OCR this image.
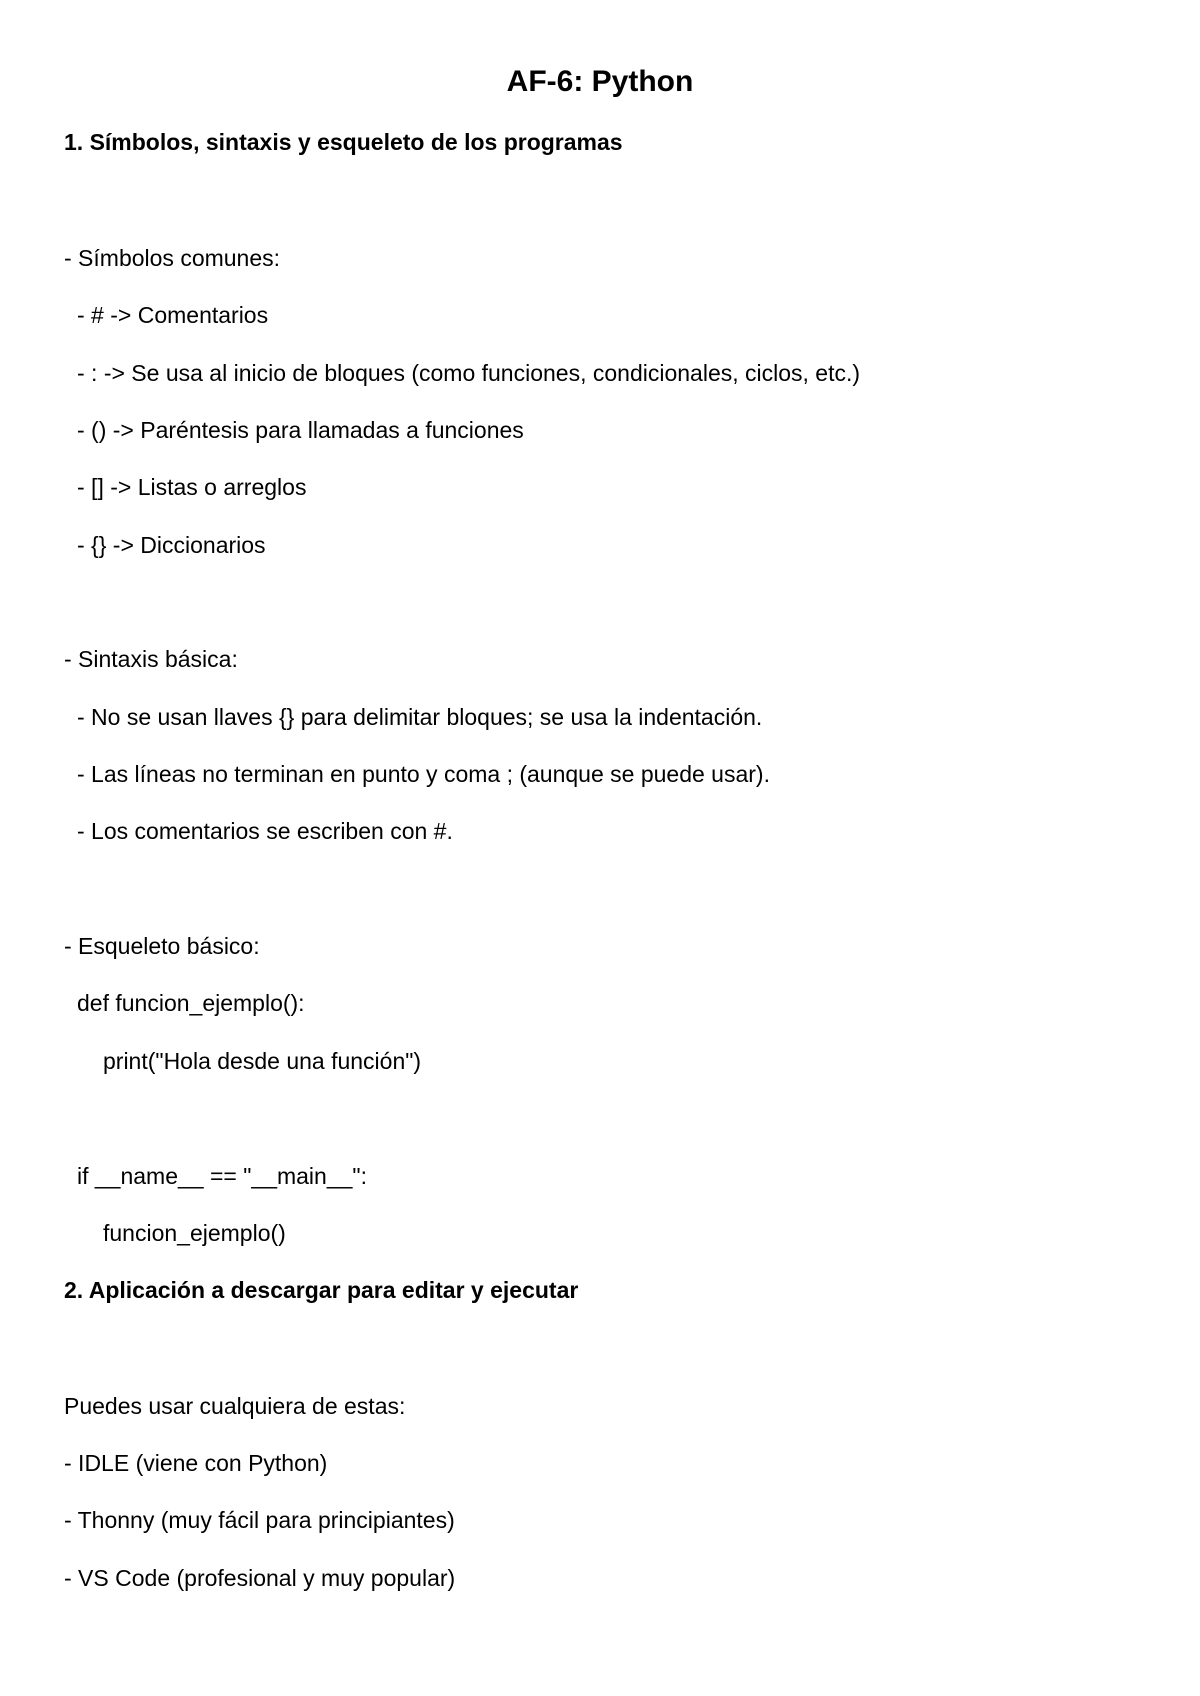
AF-6: Python
1. Símbolos, sintaxis y esqueleto de los programas

- Símbolos comunes:

- # -> Comentarios

- : -> Se usa al inicio de bloques (como funciones, condicionales, ciclos, etc.)

- () -> Paréntesis para llamadas a funciones

- [] -> Listas o arreglos

- {} -> Diccionarios

- Sintaxis básica:

- No se usan llaves {} para delimitar bloques; se usa la indentación.

- Las líneas no terminan en punto y coma ; (aunque se puede usar).

- Los comentarios se escriben con #.

- Esqueleto básico:

def funcion_ejemplo():

print("Hola desde una función")

if __name__ == "__main__":

funcion_ejemplo()

2. Aplicación a descargar para editar y ejecutar

Puedes usar cualquiera de estas:

- IDLE (viene con Python)

- Thonny (muy fácil para principiantes)

- VS Code (profesional y muy popular)
